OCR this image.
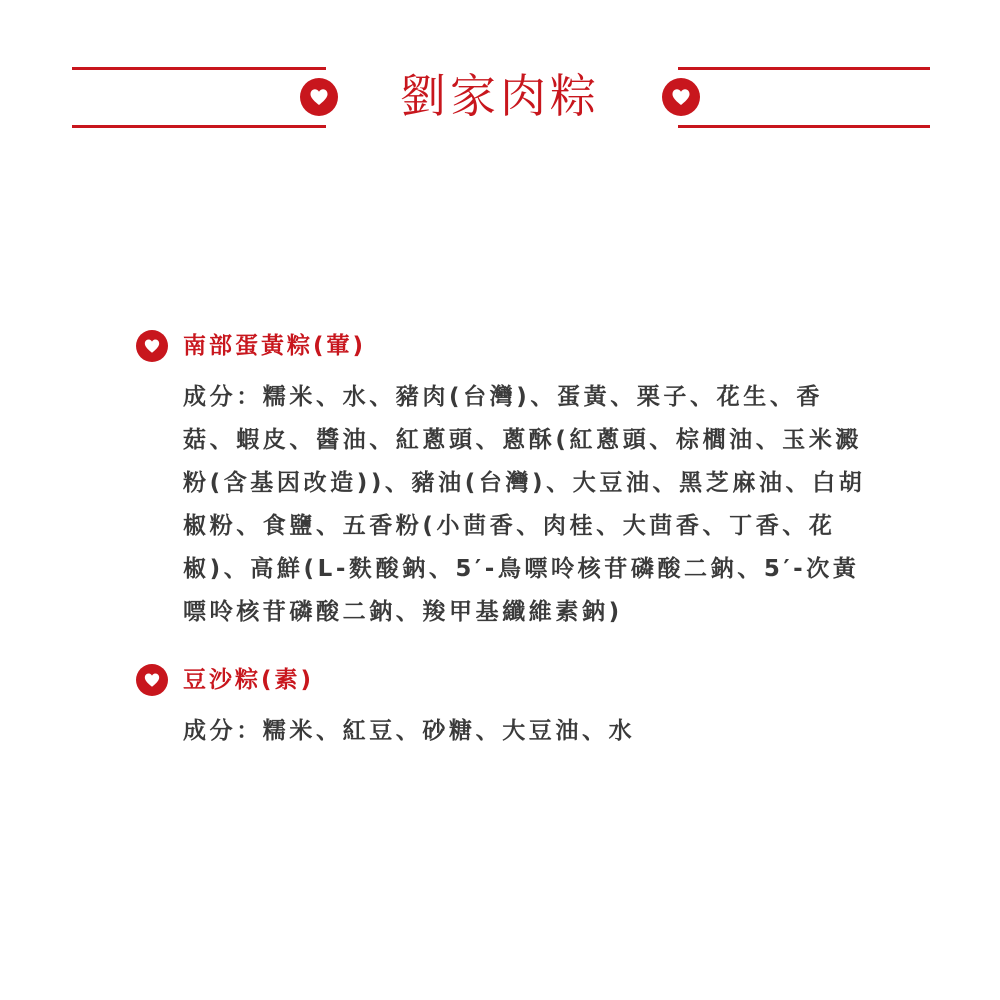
劉家肉粽
南部蛋黃粽(葷)
成分：糯米、水、豬肉(台灣)、蛋黃、栗子、花生、香菇、蝦皮、醬油、紅蔥頭、蔥酥(紅蔥頭、棕櫚油、玉米澱粉(含基因改造))、豬油(台灣)、大豆油、黑芝麻油、白胡椒粉、食鹽、五香粉(小茴香、肉桂、大茴香、丁香、花椒)、高鮮(L-麩酸鈉、5′-鳥嘌呤核苷磷酸二鈉、5′-次黃嘌呤核苷磷酸二鈉、羧甲基纖維素鈉)
豆沙粽(素)
成分：糯米、紅豆、砂糖、大豆油、水
